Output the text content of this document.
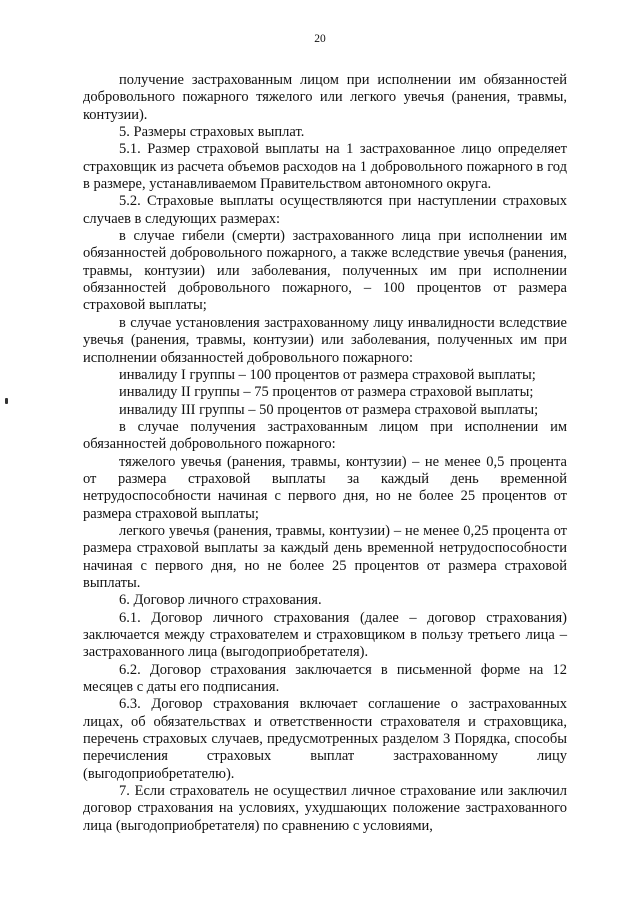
20

получение застрахованным лицом при исполнении им обязанностей добровольного пожарного тяжелого или легкого увечья (ранения, травмы, контузии).

5. Размеры страховых выплат.

5.1. Размер страховой выплаты на 1 застрахованное лицо определяет страховщик из расчета объемов расходов на 1 добровольного пожарного в год в размере, устанавливаемом Правительством автономного округа.

5.2. Страховые выплаты осуществляются при наступлении страховых случаев в следующих размерах:

в случае гибели (смерти) застрахованного лица при исполнении им обязанностей добровольного пожарного, а также вследствие увечья (ранения, травмы, контузии) или заболевания, полученных им при исполнении обязанностей добровольного пожарного, – 100 процентов от размера страховой выплаты;

в случае установления застрахованному лицу инвалидности вследствие увечья (ранения, травмы, контузии) или заболевания, полученных им при исполнении обязанностей добровольного пожарного:

инвалиду I группы – 100 процентов от размера страховой выплаты;

инвалиду II группы – 75 процентов от размера страховой выплаты;

инвалиду III группы – 50 процентов от размера страховой выплаты;

в случае получения застрахованным лицом при исполнении им обязанностей добровольного пожарного:

тяжелого увечья (ранения, травмы, контузии) – не менее 0,5 процента от размера страховой выплаты за каждый день временной нетрудоспособности начиная с первого дня, но не более 25 процентов от размера страховой выплаты;

легкого увечья (ранения, травмы, контузии) – не менее 0,25 процента от размера страховой выплаты за каждый день временной нетрудоспособности начиная с первого дня, но не более 25 процентов от размера страховой выплаты.

6. Договор личного страхования.

6.1. Договор личного страхования (далее – договор страхования) заключается между страхователем и страховщиком в пользу третьего лица – застрахованного лица (выгодоприобретателя).

6.2. Договор страхования заключается в письменной форме на 12 месяцев с даты его подписания.

6.3. Договор страхования включает соглашение о застрахованных лицах, об обязательствах и ответственности страхователя и страховщика, перечень страховых случаев, предусмотренных разделом 3 Порядка, способы перечисления страховых выплат застрахованному лицу (выгодоприобретателю).

7. Если страхователь не осуществил личное страхование или заключил договор страхования на условиях, ухудшающих положение застрахованного лица (выгодоприобретателя) по сравнению с условиями,
